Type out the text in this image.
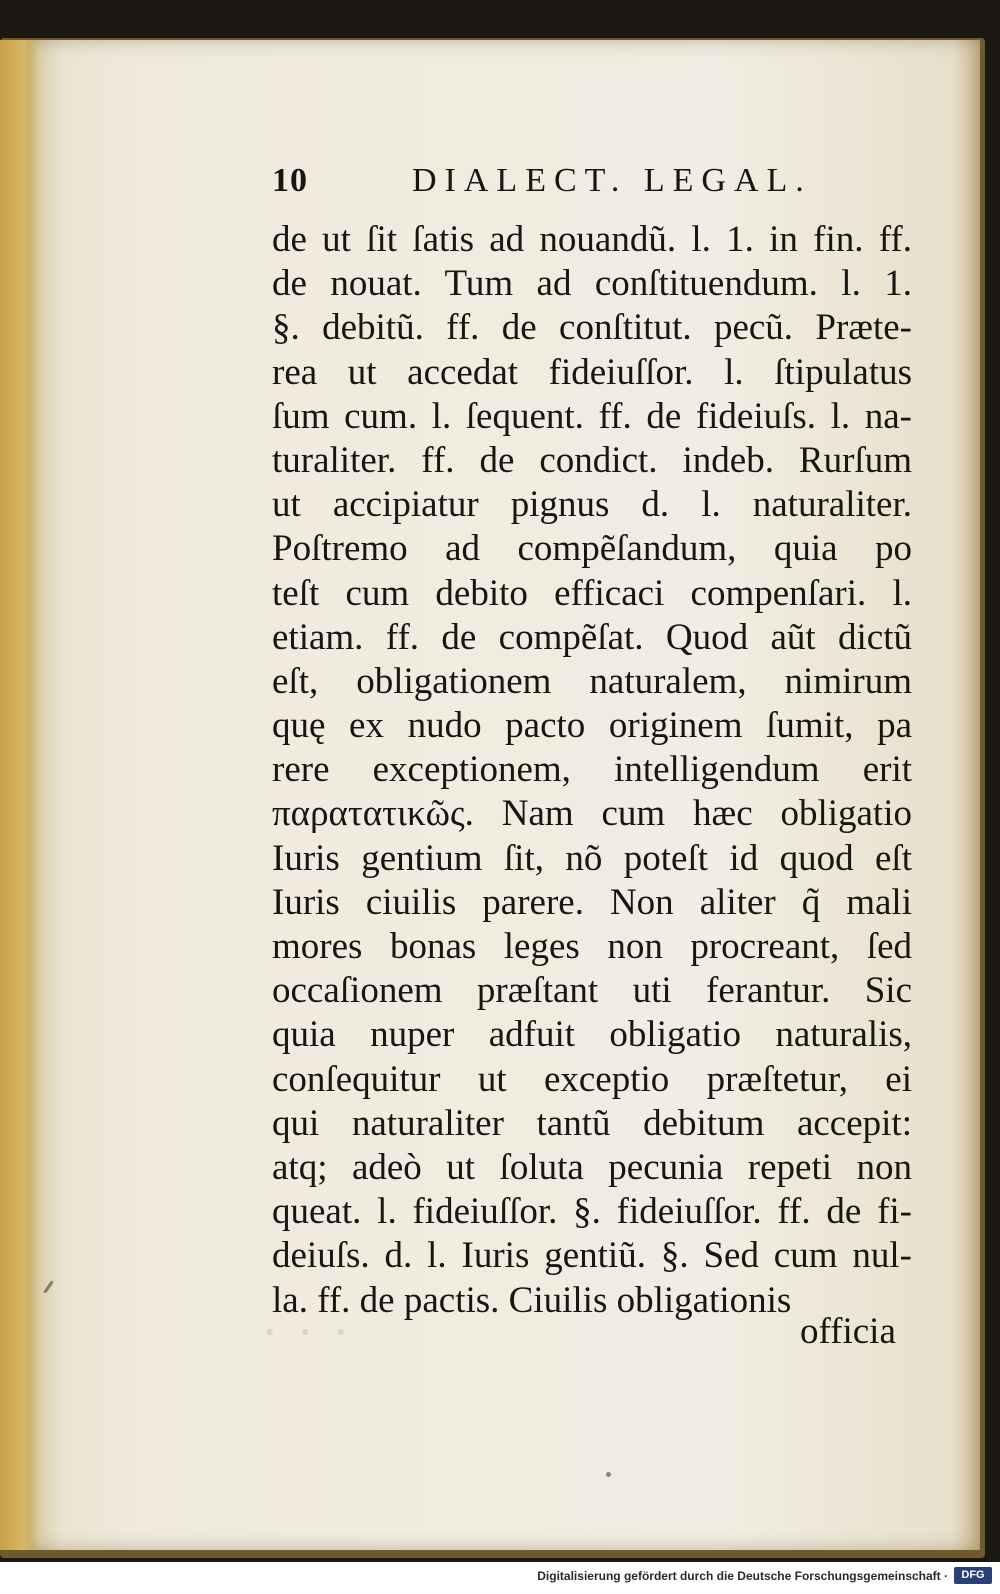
10	DIALECT. LEGAL.
de ut ſit ſatis ad nouandũ. l. 1. in fin. ff.
de nouat. Tum ad conſtituendum. l. 1.
§. debitũ. ff. de conſtitut. pecũ. Præte-
rea ut accedat fideiuſſor. l. ſtipulatus
ſum cum. l. ſequent. ff. de fideiuſs. l. na-
turaliter. ff. de condict. indeb. Rurſum
ut accipiatur pignus d. l. naturaliter.
Poſtremo ad compẽſandum, quia po
teſt cum debito efficaci compenſari. l.
etiam. ff. de compẽſat. Quod aũt dictũ
eſt, obligationem naturalem, nimirum
quę ex nudo pacto originem ſumit, pa
rere exceptionem, intelligendum erit
παρατατικῶς. Nam cum hæc obligatio
Iuris gentium ſit, nõ poteſt id quod eſt
Iuris ciuilis parere. Non aliter q̃ mali
mores bonas leges non procreant, ſed
occaſionem præſtant uti ferantur. Sic
quia nuper adfuit obligatio naturalis,
conſequitur ut exceptio præſtetur, ei
qui naturaliter tantũ debitum accepit:
atq; adeò ut ſoluta pecunia repeti non
queat. l. fideiuſſor. §. fideiuſſor. ff. de fi-
deiuſs. d. l. Iuris gentiũ. §. Sed cum nul-
la. ff. de pactis. Ciuilis obligationis
• • •	officia
Digitalisierung gefördert durch die Deutsche Forschungsgemeinschaft ·	DFG
